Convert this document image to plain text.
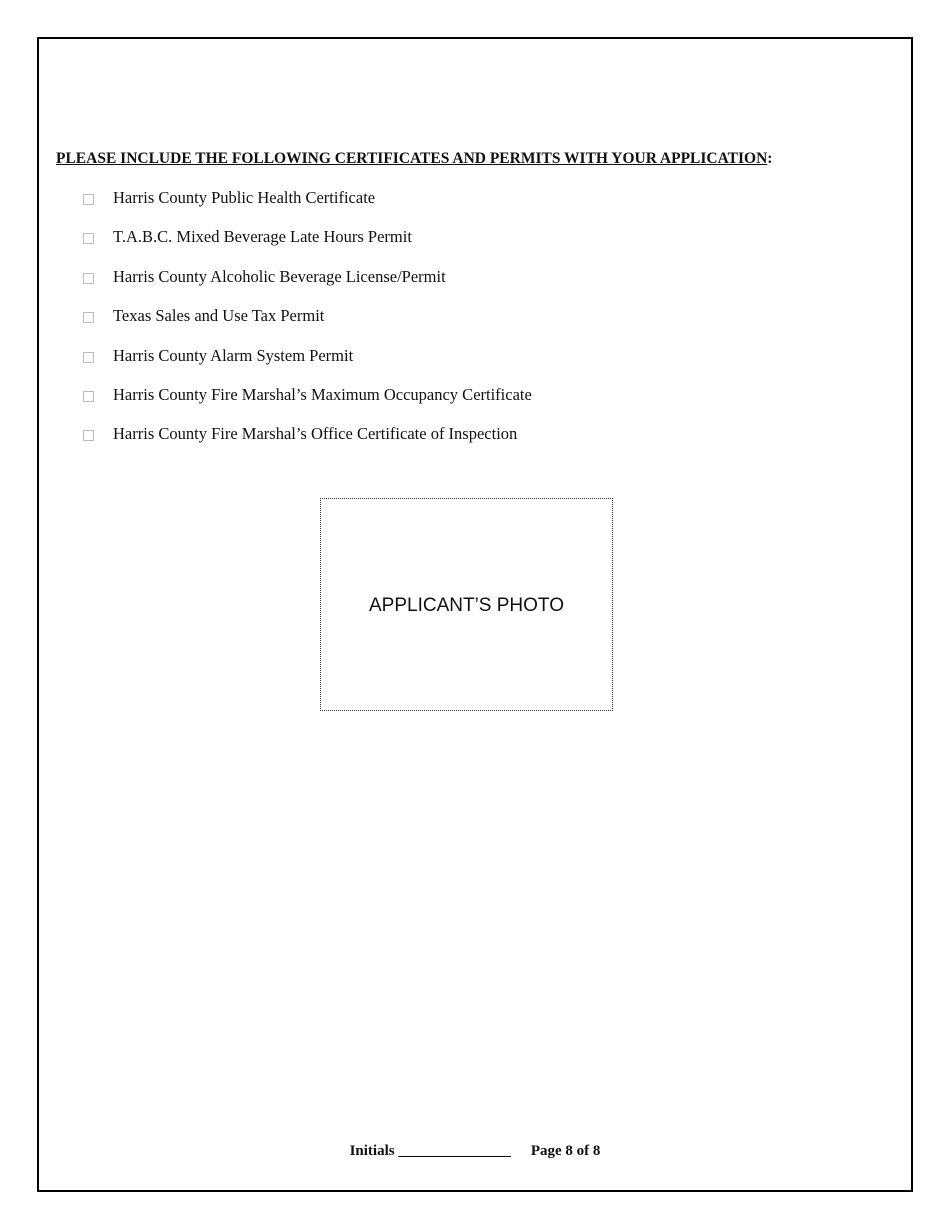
PLEASE INCLUDE THE FOLLOWING CERTIFICATES AND PERMITS WITH YOUR APPLICATION:

Harris County Public Health Certificate
T.A.B.C. Mixed Beverage Late Hours Permit
Harris County Alcoholic Beverage License/Permit
Texas Sales and Use Tax Permit
Harris County Alarm System Permit
Harris County Fire Marshal’s Maximum Occupancy Certificate
Harris County Fire Marshal’s Office Certificate of Inspection
APPLICANT’S PHOTO
Initials _______________ Page 8 of 8
